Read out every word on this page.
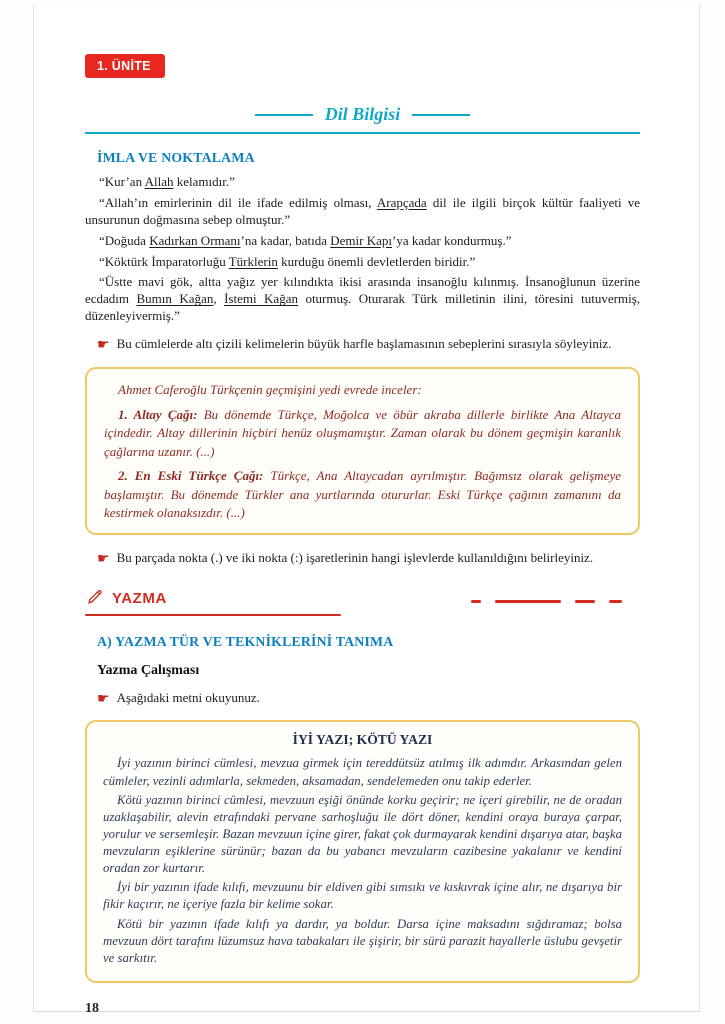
1. ÜNİTE
Dil Bilgisi
İMLA VE NOKTALAMA

“Kur’an Allah kelamıdır.”

“Allah’ın emirlerinin dil ile ifade edilmiş olması, Arapçada dil ile ilgili birçok kültür faaliyeti ve unsurunun doğmasına sebep olmuştur.”

“Doğuda Kadırkan Ormanı’na kadar, batıda Demir Kapı’ya kadar kondurmuş.”

“Köktürk İmparatorluğu Türklerin kurduğu önemli devletlerden biridir.”

“Üstte mavi gök, altta yağız yer kılındıkta ikisi arasında insanoğlu kılınmış. İnsanoğlunun üzerine ecdadım Bumın Kağan, İstemi Kağan oturmuş. Oturarak Türk milletinin ilini, töresini tutuvermiş, düzenleyivermiş.”

☛ Bu cümlelerde altı çizili kelimelerin büyük harfle başlamasının sebeplerini sırasıyla söyleyiniz.

Ahmet Caferoğlu Türkçenin geçmişini yedi evrede inceler:

1. Altay Çağı: Bu dönemde Türkçe, Moğolca ve öbür akraba dillerle birlikte Ana Altayca içindedir. Altay dillerinin hiçbiri henüz oluşmamıştır. Zaman olarak bu dönem geçmişin karanlık çağlarına uzanır. (...)

2. En Eski Türkçe Çağı: Türkçe, Ana Altaycadan ayrılmıştır. Bağımsız olarak gelişmeye başlamıştır. Bu dönemde Türkler ana yurtlarında otururlar. Eski Türkçe çağının zamanını da kestirmek olanaksızdır. (...)

☛ Bu parçada nokta (.) ve iki nokta (:) işaretlerinin hangi işlevlerde kullanıldığını belirleyiniz.

YAZMA
A) YAZMA TÜR VE TEKNİKLERİNİ TANIMA
Yazma Çalışması

☛ Aşağıdaki metni okuyunuz.

İYİ YAZI; KÖTÜ YAZI

İyi yazının birinci cümlesi, mevzua girmek için tereddütsüz atılmış ilk adımdır. Arkasından gelen cümleler, vezinli adımlarla, sekmeden, aksamadan, sendelemeden onu takip ederler.

Kötü yazının birinci cümlesi, mevzuun eşiği önünde korku geçirir; ne içeri girebilir, ne de oradan uzaklaşabilir, alevin etrafındaki pervane sarhoşluğu ile dört döner, kendini oraya buraya çarpar, yorulur ve sersemleşir. Bazan mevzuun içine girer, fakat çok durmayarak kendini dışarıya atar, başka mevzuların eşiklerine sürünür; bazan da bu yabancı mevzuların cazibesine yakalanır ve kendini oradan zor kurtarır.

İyi bir yazının ifade kılıfı, mevzuunu bir eldiven gibi sımsıkı ve kıskıvrak içine alır, ne dışarıya bir fikir kaçırır, ne içeriye fazla bir kelime sokar.

Kötü bir yazının ifade kılıfı ya dardır, ya boldur. Darsa içine maksadını sığdıramaz; bolsa mevzuun dört tarafını lüzumsuz hava tabakaları ile şişirir, bir sürü parazit hayallerle üslubu gevşetir ve sarkıtır.

18
